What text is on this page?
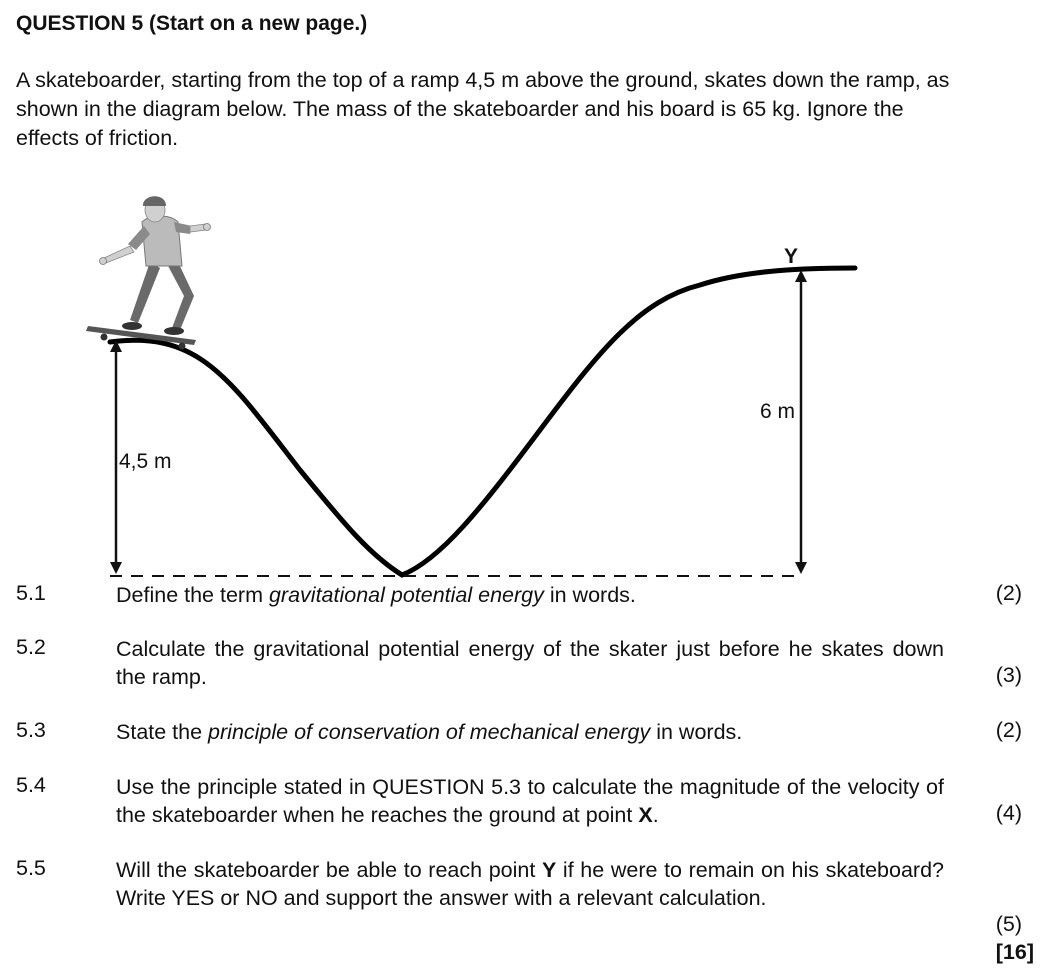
QUESTION 5 (Start on a new page.)
A skateboarder, starting from the top of a ramp 4,5 m above the ground, skates down the ramp, as shown in the diagram below. The mass of the skateboarder and his board is 65 kg. Ignore the effects of friction.
4,5 m
6 m
Y
5.1	Define the term gravitational potential energy in words.	(2)
5.2	Calculate the gravitational potential energy of the skater just before he skates down the ramp.	(3)
5.3	State the principle of conservation of mechanical energy in words.	(2)
5.4	Use the principle stated in QUESTION 5.3 to calculate the magnitude of the velocity of the skateboarder when he reaches the ground at point X.	(4)
5.5	Will the skateboarder be able to reach point Y if he were to remain on his skateboard? Write YES or NO and support the answer with a relevant calculation.
(5)
[16]
